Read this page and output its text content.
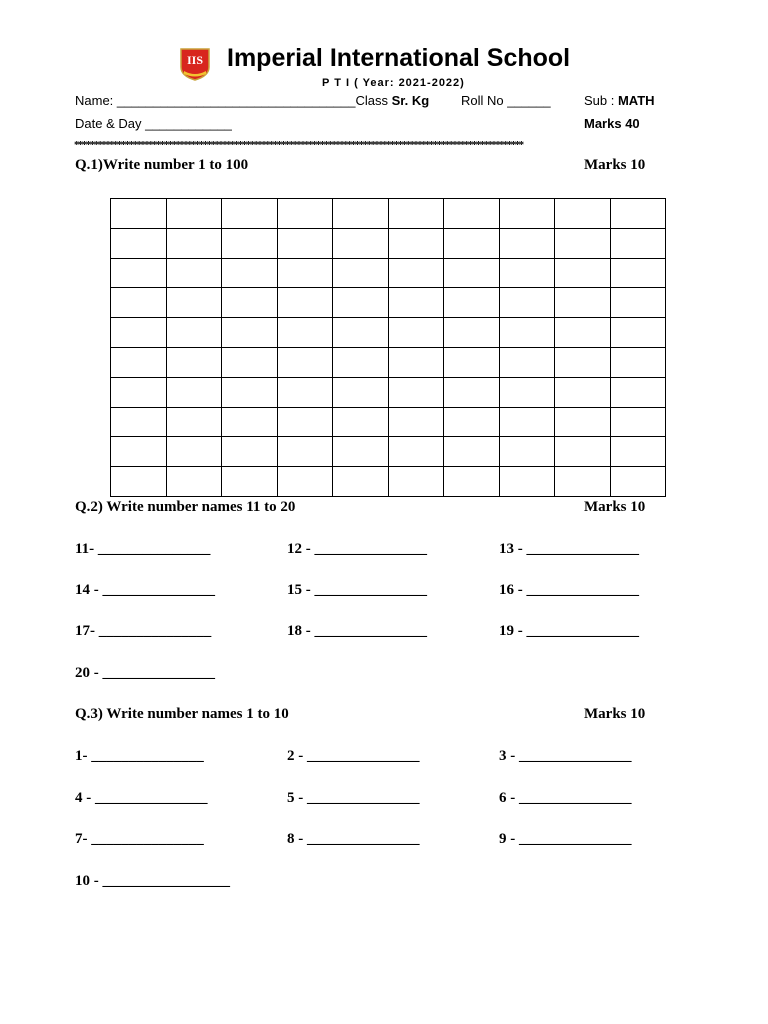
IIS Imperial International School
P T I ( Year: 2021-2022)
Name: _________________________________Class Sr. Kg Roll No ______	Sub : MATH
Date & Day ____________	Marks 40
*******************************************************************************************************************
Q.1)Write number 1 to 100	Marks 10

Q.2) Write number names 11 to 20	Marks 10
11- _______________	12 - _______________	13 - _______________
14 - _______________	15 - _______________	16 - _______________
17- _______________	18 - _______________	19 - _______________
20 - _______________
Q.3) Write number names 1 to 10	Marks 10
1- _______________	2 - _______________	3 - _______________
4 - _______________	5 - _______________	6 - _______________
7- _______________	8 - _______________	9 - _______________
10 - _________________
